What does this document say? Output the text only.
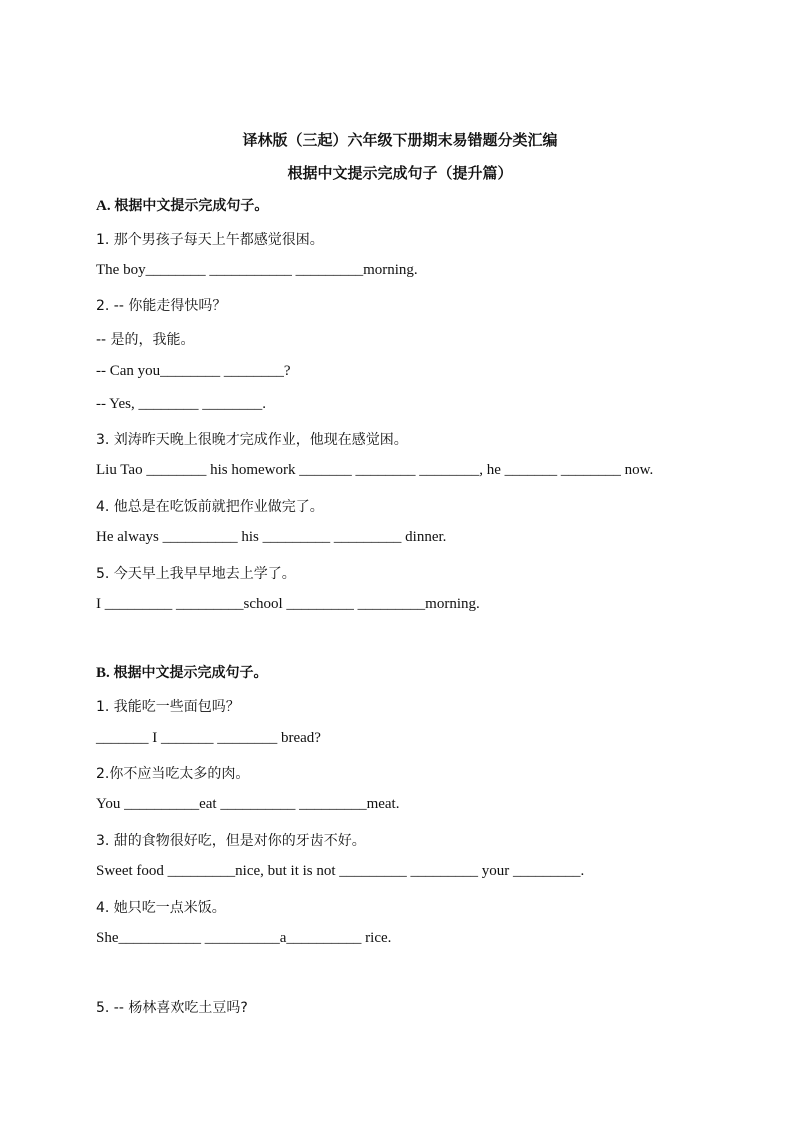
译林版（三起）六年级下册期末易错题分类汇编
根据中文提示完成句子（提升篇）
A. 根据中文提示完成句子。
1. 那个男孩子每天上午都感觉很困。
The boy________ ___________ _________morning.
2. -- 你能走得快吗？
-- 是的，我能。
-- Can you________ ________?
-- Yes, ________ ________.
3. 刘涛昨天晚上很晚才完成作业，他现在感觉困。
Liu Tao ________ his homework _______ ________ ________, he _______ ________ now.
4. 他总是在吃饭前就把作业做完了。
He always __________ his _________ _________ dinner.
5. 今天早上我早早地去上学了。
I _________ _________school _________ _________morning.
B. 根据中文提示完成句子。
1. 我能吃一些面包吗？
_______ I _______ ________ bread?
2.你不应当吃太多的肉。
You __________eat __________ _________meat.
3. 甜的食物很好吃，但是对你的牙齿不好。
Sweet food _________nice, but it is not _________ _________ your _________.
4. 她只吃一点米饭。
She___________ __________a__________ rice.
5. -- 杨林喜欢吃土豆吗?
